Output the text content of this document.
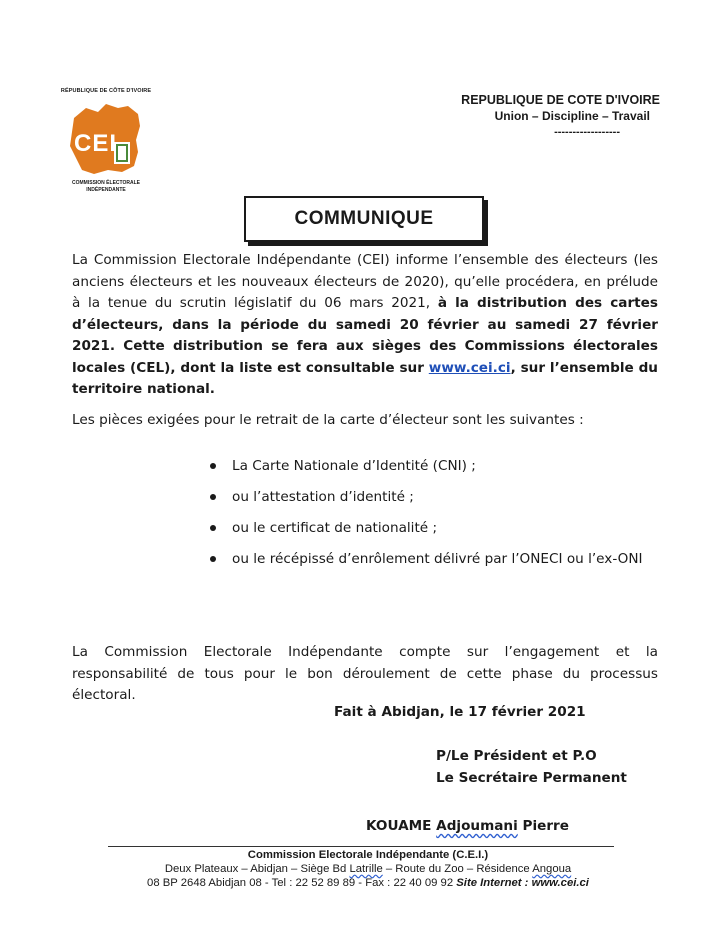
RÉPUBLIQUE DE CÔTE D'IVOIRE
CEI
COMMISSION ÉLECTORALE
INDÉPENDANTE
REPUBLIQUE DE COTE D'IVOIRE
Union – Discipline – Travail
------------------
COMMUNIQUE
La Commission Electorale Indépendante (CEI) informe l’ensemble des électeurs (les anciens électeurs et les nouveaux électeurs de 2020), qu’elle procédera, en prélude à la tenue du scrutin législatif du 06 mars 2021, à la distribution des cartes d’électeurs, dans la période du samedi 20 février au samedi 27 février 2021. Cette distribution se fera aux sièges des Commissions électorales locales (CEL), dont la liste est consultable sur www.cei.ci, sur l’ensemble du territoire national.
Les pièces exigées pour le retrait de la carte d’électeur sont les suivantes :
La Carte Nationale d’Identité (CNI) ;
ou l’attestation d’identité ;
ou le certificat de nationalité ;
ou le récépissé d’enrôlement délivré par l’ONECI ou l’ex-ONI
La Commission Electorale Indépendante compte sur l’engagement et la responsabilité de tous pour le bon déroulement de cette phase du processus électoral.
Fait à Abidjan, le 17 février 2021
P/Le Président et P.O
Le Secrétaire Permanent
KOUAME Adjoumani Pierre
Commission Electorale Indépendante (C.E.I.)
Deux Plateaux – Abidjan – Siège Bd Latrille – Route du Zoo – Résidence Angoua
08 BP 2648 Abidjan 08 - Tel : 22 52 89 89 - Fax : 22 40 09 92 Site Internet : www.cei.ci
